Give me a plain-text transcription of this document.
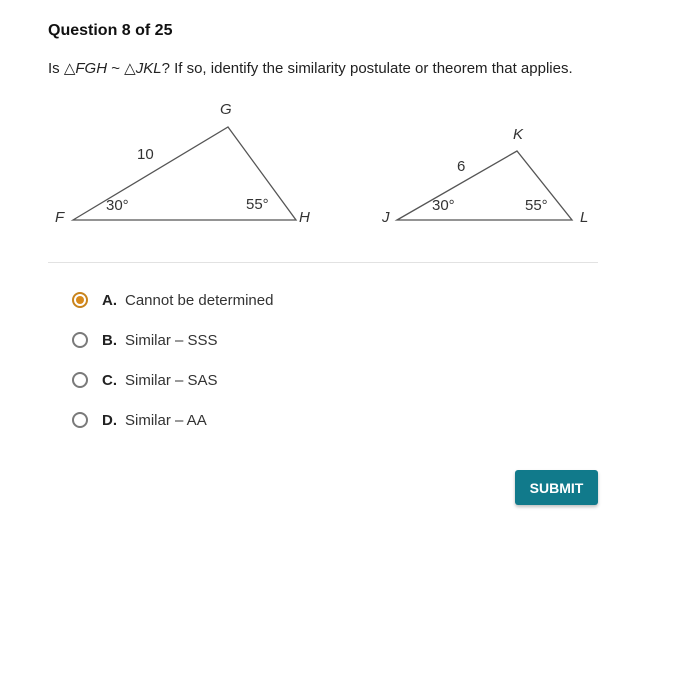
Question 8 of 25
Is △FGH ~ △JKL? If so, identify the similarity postulate or theorem that applies.
G
F	H
10
30°	55°
K
J	L
6
30°	55°
A. Cannot be determined
B. Similar – SSS
C. Similar – SAS
D. Similar – AA
SUBMIT
